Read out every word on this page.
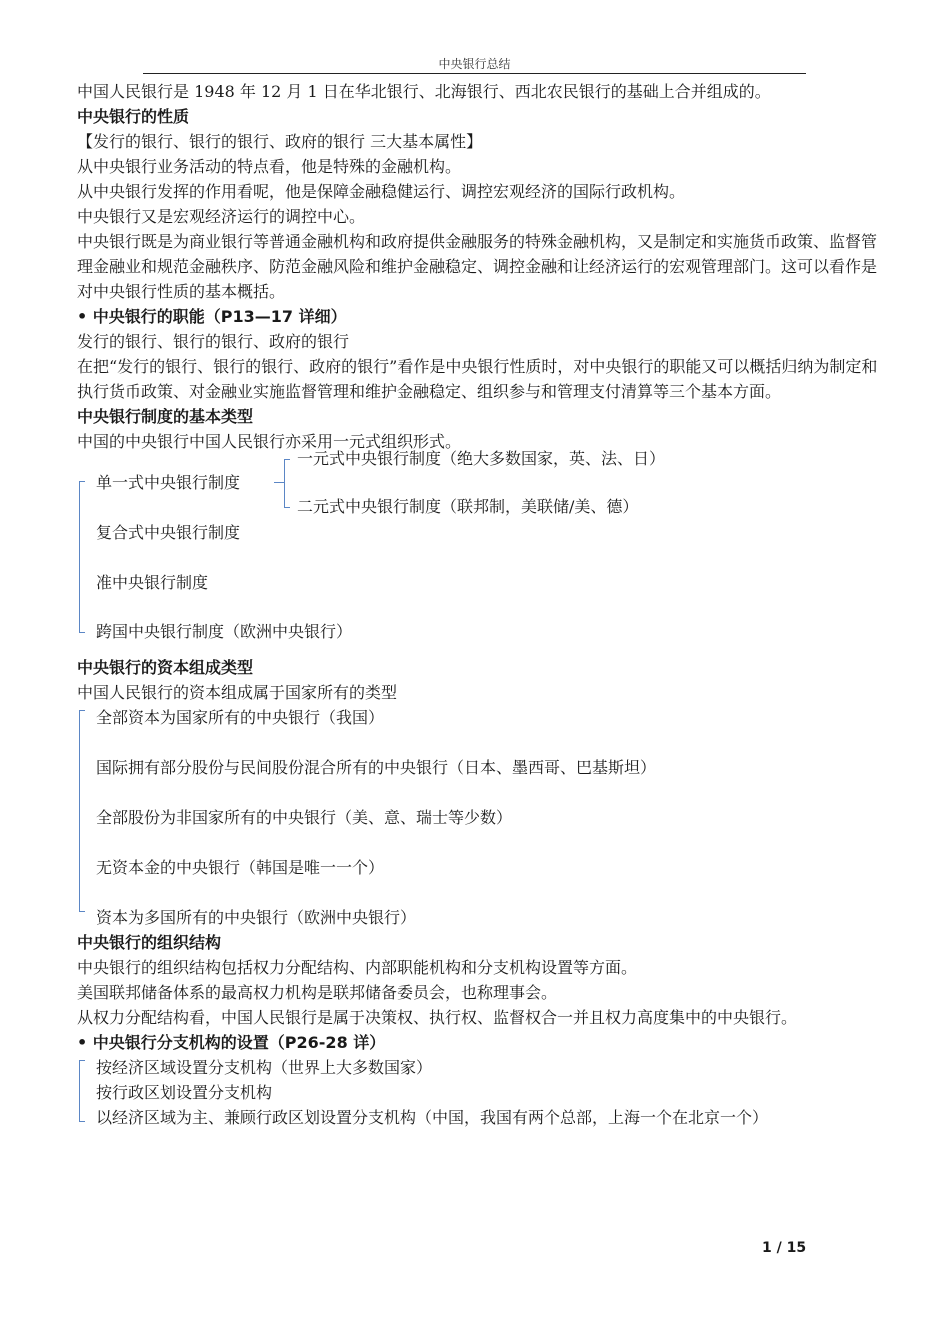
中央银行总结
中国人民银行是 1948 年 12 月 1 日在华北银行、北海银行、西北农民银行的基础上合并组成的。
中央银行的性质
【发行的银行、银行的银行、政府的银行 三大基本属性】
从中央银行业务活动的特点看，他是特殊的金融机构。
从中央银行发挥的作用看呢，他是保障金融稳健运行、调控宏观经济的国际行政机构。
中央银行又是宏观经济运行的调控中心。
中央银行既是为商业银行等普通金融机构和政府提供金融服务的特殊金融机构，又是制定和实施货币政策、监督管理金融业和规范金融秩序、防范金融风险和维护金融稳定、调控金融和让经济运行的宏观管理部门。这可以看作是对中央银行性质的基本概括。
• 中央银行的职能（P13—17 详细）
发行的银行、银行的银行、政府的银行
在把“发行的银行、银行的银行、政府的银行”看作是中央银行性质时，对中央银行的职能又可以概括归纳为制定和执行货币政策、对金融业实施监督管理和维护金融稳定、组织参与和管理支付清算等三个基本方面。
中央银行制度的基本类型
中国的中央银行中国人民银行亦采用一元式组织形式。
单一式中央银行制度
一元式中央银行制度（绝大多数国家，英、法、日）
二元式中央银行制度（联邦制，美联储/美、德）
复合式中央银行制度
准中央银行制度
跨国中央银行制度（欧洲中央银行）
中央银行的资本组成类型
中国人民银行的资本组成属于国家所有的类型
全部资本为国家所有的中央银行（我国）
国际拥有部分股份与民间股份混合所有的中央银行（日本、墨西哥、巴基斯坦）
全部股份为非国家所有的中央银行（美、意、瑞士等少数）
无资本金的中央银行（韩国是唯一一个）
资本为多国所有的中央银行（欧洲中央银行）
中央银行的组织结构
中央银行的组织结构包括权力分配结构、内部职能机构和分支机构设置等方面。
美国联邦储备体系的最高权力机构是联邦储备委员会，也称理事会。
从权力分配结构看，中国人民银行是属于决策权、执行权、监督权合一并且权力高度集中的中央银行。
• 中央银行分支机构的设置（P26-28 详）
按经济区域设置分支机构（世界上大多数国家）
按行政区划设置分支机构
以经济区域为主、兼顾行政区划设置分支机构（中国，我国有两个总部，上海一个在北京一个）
1 / 15
